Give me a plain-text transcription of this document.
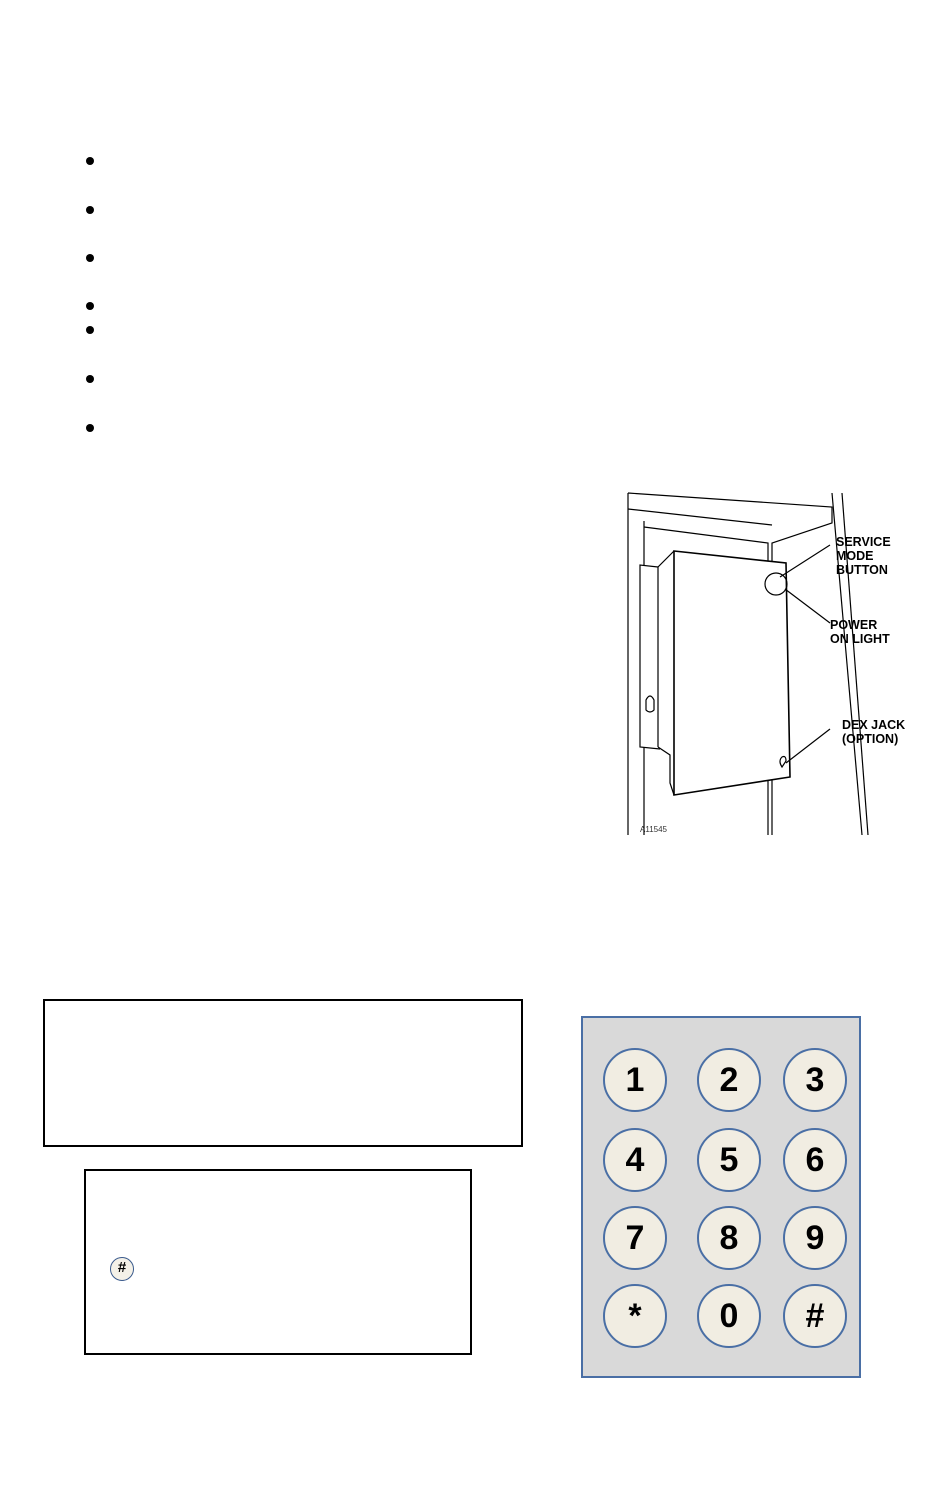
SERVICE MODE BUTTON
POWER ON LIGHT
DEX JACK (OPTION)
A11545
#
1	2	3
4	5	6
7	8	9
*	0	#
